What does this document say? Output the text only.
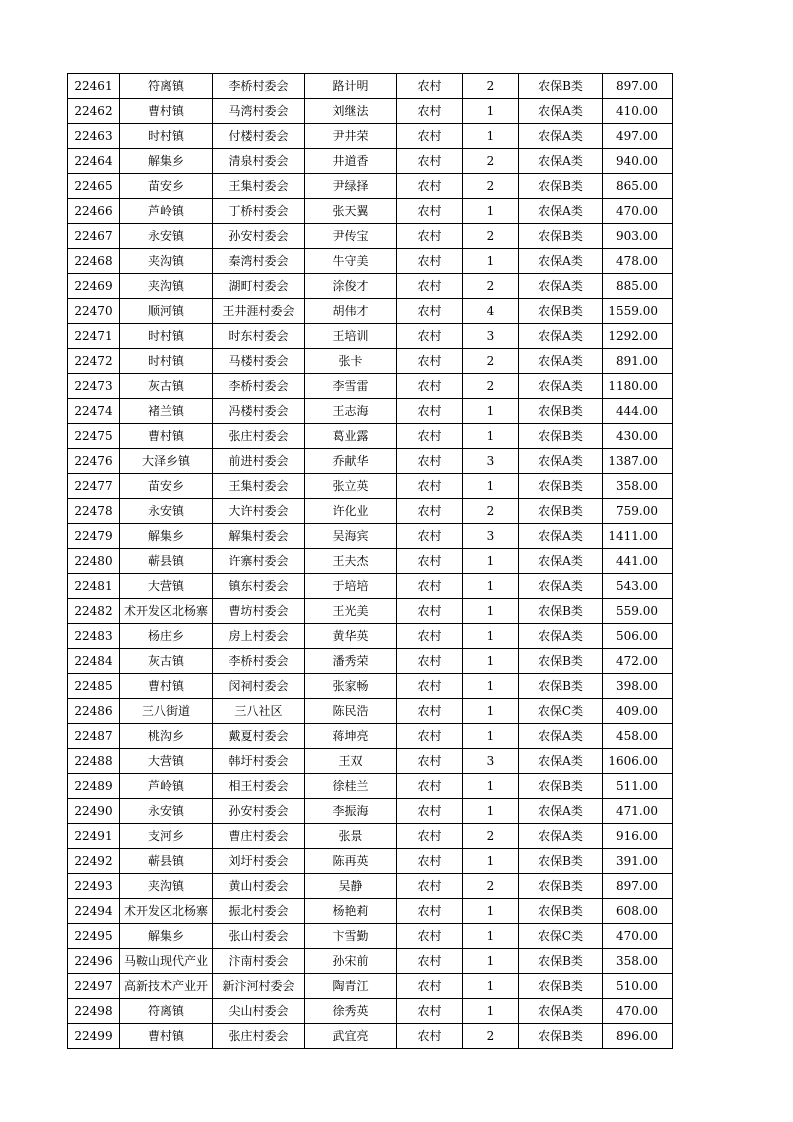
22461	符离镇	李桥村委会	路计明	农村	2	农保B类	897.00
22462	曹村镇	马湾村委会	刘继法	农村	1	农保A类	410.00
22463	时村镇	付楼村委会	尹井荣	农村	1	农保A类	497.00
22464	解集乡	清泉村委会	井道香	农村	2	农保A类	940.00
22465	苗安乡	王集村委会	尹绿择	农村	2	农保B类	865.00
22466	芦岭镇	丁桥村委会	张天翼	农村	1	农保A类	470.00
22467	永安镇	孙安村委会	尹传宝	农村	2	农保B类	903.00
22468	夹沟镇	秦湾村委会	牛守美	农村	1	农保A类	478.00
22469	夹沟镇	湖町村委会	涂俊才	农村	2	农保A类	885.00
22470	顺河镇	王井涯村委会	胡伟才	农村	4	农保B类	1559.00
22471	时村镇	时东村委会	王培训	农村	3	农保A类	1292.00
22472	时村镇	马楼村委会	张卡	农村	2	农保A类	891.00
22473	灰古镇	李桥村委会	李雪雷	农村	2	农保A类	1180.00
22474	褚兰镇	冯楼村委会	王志海	农村	1	农保B类	444.00
22475	曹村镇	张庄村委会	葛业露	农村	1	农保B类	430.00
22476	大泽乡镇	前进村委会	乔献华	农村	3	农保A类	1387.00
22477	苗安乡	王集村委会	张立英	农村	1	农保B类	358.00
22478	永安镇	大许村委会	许化业	农村	2	农保B类	759.00
22479	解集乡	解集村委会	吴海宾	农村	3	农保A类	1411.00
22480	蕲县镇	许寨村委会	王夫杰	农村	1	农保A类	441.00
22481	大营镇	镇东村委会	于培培	农村	1	农保A类	543.00
22482	术开发区北杨寨	曹坊村委会	王光美	农村	1	农保B类	559.00
22483	杨庄乡	房上村委会	黄华英	农村	1	农保A类	506.00
22484	灰古镇	李桥村委会	潘秀荣	农村	1	农保B类	472.00
22485	曹村镇	闵祠村委会	张家畅	农村	1	农保B类	398.00
22486	三八街道	三八社区	陈民浩	农村	1	农保C类	409.00
22487	桃沟乡	戴夏村委会	蒋坤亮	农村	1	农保A类	458.00
22488	大营镇	韩圩村委会	王双	农村	3	农保A类	1606.00
22489	芦岭镇	相王村委会	徐桂兰	农村	1	农保B类	511.00
22490	永安镇	孙安村委会	李振海	农村	1	农保A类	471.00
22491	支河乡	曹庄村委会	张景	农村	2	农保A类	916.00
22492	蕲县镇	刘圩村委会	陈再英	农村	1	农保B类	391.00
22493	夹沟镇	黄山村委会	吴静	农村	2	农保B类	897.00
22494	术开发区北杨寨	振北村委会	杨艳莉	农村	1	农保B类	608.00
22495	解集乡	张山村委会	卞雪勤	农村	1	农保C类	470.00
22496	马鞍山现代产业	汴南村委会	孙宋前	农村	1	农保B类	358.00
22497	高新技术产业开	新汴河村委会	陶青江	农村	1	农保B类	510.00
22498	符离镇	尖山村委会	徐秀英	农村	1	农保A类	470.00
22499	曹村镇	张庄村委会	武宜亮	农村	2	农保B类	896.00
